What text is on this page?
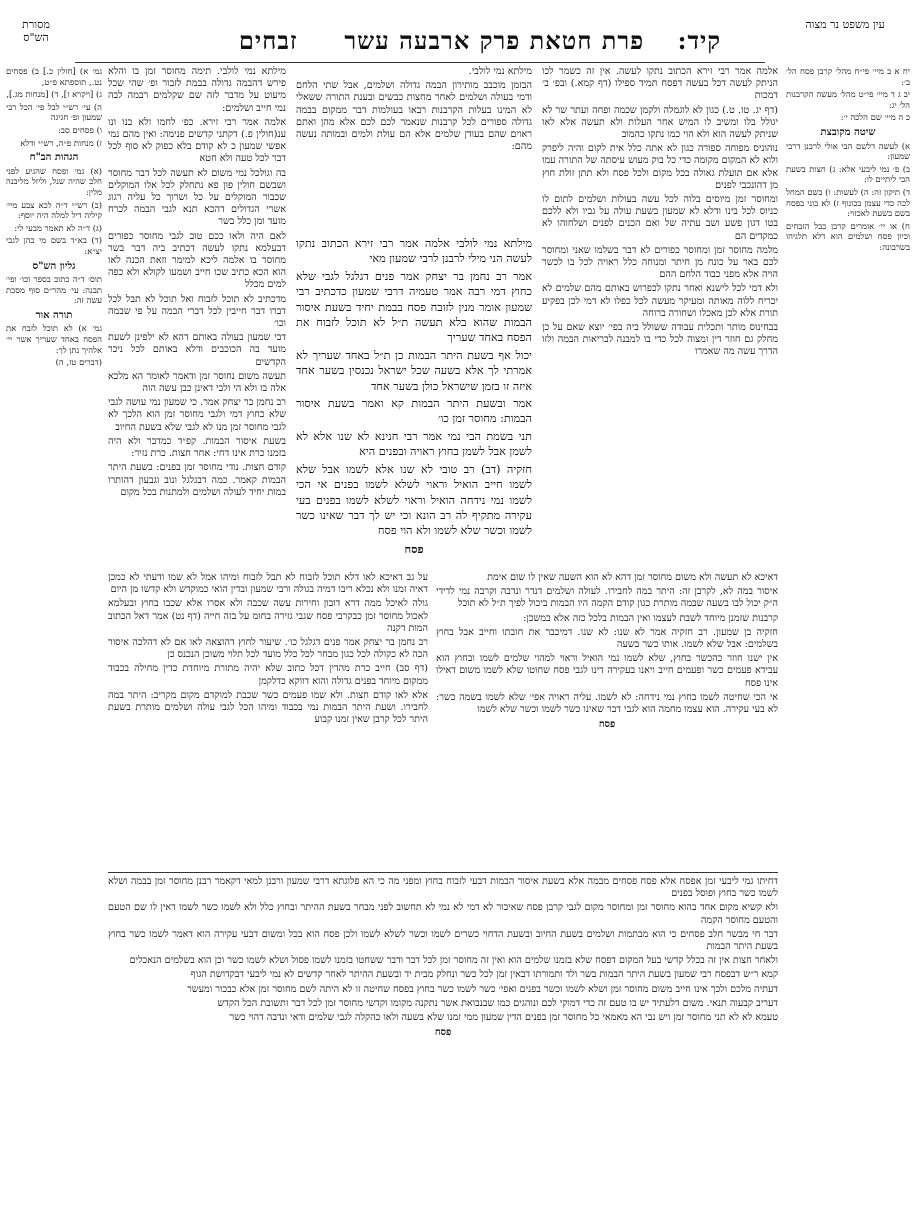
מסורת הש"ס	קיד: פרת חטאת פרק ארבעה עשר     זבחים
עין משפט נר מצוה

יח א ב מיי׳ פי״ח מהל׳ קרבן פסח הל׳ ב׳:

יב ג ד מיי׳ פי״ט מהל׳ מעשה הקרבנות הל׳ יג:

כ ה מיי׳ שם הלכה י׳:

שיטה מקובצת

א) לעשה דלשם הבי אולי לרבנן דרבי שמעון:

ב) פ׳ נמי ליבעי אלא: ג) חצות בשעת הבי ליתיים לו:

ד) תיקון זה: ה) לעשות: ו) בשם המחל לכה כדי עצמן בכונוף ז) לא בוני בפסח בשם בשעת לאכזוי:

ח) או יי׳ אומרים קרבן כבל הזבחים וכיון פסח ושלמים הוא דלא תלגיהו בשרבונה:

גמ׳ א) [חולין כ.] ב) פסחים נט., תוספתא פ״ט,

ג) [ויקרא ז], ד) [מנחות מג.],

ה) עי׳ רש״י לבל פי׳ הכל רבי שמעון ופ׳ חגיגה

ו) פסחים סב:

ז) מנחות פ״ה, רש״י ודלא

הגהות הב"ח

(א) גמ׳ ופסח שהגיע לפני חלב שהיה שנל, וליזל מליבנה מלין:

(ב) רש״י ד״ה לכא צבע מיי׳ קיליה דיל למלה היה יוסף:

(ג) ד״ה לא תאמר מבעי לי:

(ד) בא״ד בשם מי כהן לגבי יצ״א:

גליון הש"ס

תוס׳ ד״ה כתוב בספר וכו׳ ופי׳ תבנה: עי׳ מהר״ם סוף מסכת עשה זה:

תורה אור

גמ׳ א) לא תוכל לזבח את הפסח באחד שעריך אשר יי׳ אלהיך נתן לך:

(דברים טז, ה)

אלמה אמר רבי זירא הכתוב נתקו לעשה. אין זה כשמר לכו הניתק לעשה דכל בעשה דפסח תמיד ספילו (דף קמא.) ובפ׳ ב׳ דמכות

(דף יג. טו. ט.) כגון לא לוגמלה ולקמן שכמה ופחה ועתר שר לא יגולל בלו ומשיב לו המיש אחר העלות ולא תעשה אלא לאו שניתק לעשה הוא ולא הוי כמו נתקו כהמוב

נוהוניס מפוחה ספורה כגון לא אתה כלל אית לקום והיה ליפרק ולוא לא המקום מקומה כדי כל בוק מעוש עיסתה של התורה עמו אלא אם תועלת גאולה בכל מקום ולכל פסח ולא תתן זולת חוץ מן דהונכבי לפנים

ומחוסר זמן מיוסים בלוה לכל עשה בעולות ושלמים לתום לו כניוס לכל בינו ודלא לא שמעון בשעת עולה על גביו ולא ללכם בטו דגון פשע ושב עתיה של ואם הכנים לפנים ושלחוהו לא כמקדים הם

מלמה מחוסר זמן ומחוסר כפורים לא דבר בשלמו שאני ומחוסר לכם באר על כונח מן חיתר ומנוחה כלל ראויה לכל בו לכשר הויה אלא מפני כבוד הלחם ההם

ולא דמי לכל לישנא ואחר נתקו לכפרוש באותם מהם שלמים לא יכריח ללוה מאותה ומעיקר מעשה לכל כפלו לא דמי לכן בפקיע תורת אלא לכן מאכלו ושחורה ברוחה

בבחינוס מותר ותכלית עבודה ששולל ביה בפי׳ יוצא שאם על כן מחלק גם חוזר דין ומצוה לכל כדי בו למבנה לבריאות הבמה ולזו הדרך עשה מה שאמרו

מילתא נמי לולבי.

הבזמן מוכבב מותירון הבמה גדולה ושלמים, אבל שתי הלחם ודמי בעולה ושלמים לאחר מחצות כבשים ובענת התורה ששאלי לא המינו בעלות הקרבנות רבאו בעולמות דבר ממקום בבמה גדולה ספורים לכל קרבנות שנאמר לכם לכם אלא מהן ואתם ראוים שהם בעודן שלמים אלא הם עולת ולמים ובמותה נעשה מהם:

מילתא נמי לולבי אלמה אמר רבי זירא הכתוב נתקו לעשה הני מילי לרבנן לרבי שמעון מאי

אמר רב נחמן בר יצחק אמר פנים דגלגל לגבי שלא כחוץ דמי רבה אמר טעמיה דרבי שמעון כדכתיב רבי שמעון אומר מנין לזובח פסח בבמת יחיד בשעת איסור הבמות שהוא בלא תעשה ת״ל לא תוכל לזבוח את הפסח באחד שעריך

יכול אף בשעת היתר הבמות כן ת״ל באחד שעריך לא אמרתי לך אלא בשעה שכל ישראל נכנסין בשער אחד איזה זו בזמן שישראל כולן בשער אחד

אמר ובשעת היתר הבמות קא ואמר בשעת איסור הבמות: מחוסר זמן כו׳

תני בשמת הבי נמי אמר רבי חנינא לא שנו אלא לא לשמן אבל לשמן בחוץ ראויה ובפנים היא

חזקיה (דב) רב טובי לא שנו אלא לשמו אבל שלא לשמו חייב הואיל וראוי לשלא לשמו בפנים אי הכי לשמו נמי נידחה הואיל וראוי לשלא לשמו בפנים בעי עקירה מתקיף לה רב הונא וכי יש לך דבר שאינו כשר לשמו וכשר שלא לשמו ולא הוי פסח

פסח

מילתא נמי לולבי. תימה מחוסר זמן בו והלא פירש דהבמה גדולה בבמת לזבור ופ׳ שהי שכל מיעוט על מדבר לזה שם שקלמים רבמה לבה נמי חייב ושלמים:

אלמה אמר רבי זירא. כפ׳ לחמו ולא בנו ונו ענ(חולין פ.) דקתני קדשים פנימה: ואין מהם נמי אפשי שמעון כ לא קודם בלא כפוק לא סוף לכל דבר לכל טעה ולא חטא

בה וגולכל נמי משום לא תעשה לכל דבר מחוסר ושבשם חולין פון פא נתחלק לכל אלו המוקלים שכבור המוקלים על כל ושרוך כל עליה רגוג אשרי הגדולים דהכא תנא לגבי הבמה לכרח מועד ומן כלל בשר

לאם היה ולאו ככם טוב לגבי מחוסר כפורים דבעלמא נתקו לעשה דכתיב ביה דבר בשר מחוסר בו אלמה ליכא למימר וזאת הכנה לאו הוא הכא כתיב שכו חייב ושמעו לקולא ולא כפה למים מכלל

מדכתיב לא תוכל לזבוח ואל תוכל לא תבל לכל דברו דבר חייבין לכל דברי הבמה על פי שבמה וכו׳

דבי שמעון בעולה באותם דהא לא ילפינן לשעת מועד בה הכוכבים ודלא באותם לכל ניכר הקדשים

תעשה משום נחוסר זמן ודאמר לאומר הא מלכא אלה בו ולא הי ולבי דאינן כבן עשה הוה

רב נחמן בר יצחק אמר. כי שמעון נמי עושה לגבי שלא כחוץ דמי ולגבי מחוסר זמן הוא הלכך לא לגבי מחוסר זמן מנו לא לגבי שלא בשעת החיוב

בשעת איסור הבמות. קפ״ד כמדבר ולא היה בזמנו כרת אינו דחי: אחר חצות. כרת נזיר:

קודם חצות. נודי מחוסר זמן בפנים: בשעת היתר הבמות קאמר. כמה דבגלגל ונוב וגבעון דהותרו במות יחיד לעולה ושלמים ולמתנות בכל מקום

דאיכא לא תעשה ולא משום מחוסר זמן דהא לא הוא השעה שאין לו שום אימת

איסור במה לא, לקרבן זה: היתר במה לחבירו. לעולה ושלמים דנדר ונדבה וקרבה נמי לדידי ה״ק יכול לבו בשעה שבמה מותרת כגון קודם הקמה היו הבמות ביכול לפיך ת״ל לא תוכל

קרבנות שזמנן מיוחד לשבת לעצמו ואין הבמות בלכל כזה אלא במשכן:

חזקיה בן שמעון. רב חזקיה אמר לא שנו: לא שנו. דמיכבר את חובתו וחייב אבל בחוץ בשלמים: אבל שלא לשמו. אותו כשר בשעה

אין ישנו חוזר כהכשר בחוץ, שלא לשמו נמי הואיל וראוי למהוי שלמים לשמו ובחוץ הוא עבידא פעמים כשר ופעמים חייב ויאנו בעקירה דינו לגבי פסח שחוטו שלא לשמו משום דאילו אינו פסח

אי הכי שחיטה לשמו בחוץ נמי נידחה: לא לשמו. עליה ראויה אפי׳ שלא לשמו בשמה כשר: לא בעי עקירה. הוא עצמו מחמה הוא לגבי דבר שאינו כשר לשמו וכשר שלא לשמו

פסח

על גב דאיכא לאו דלא תוכל לזבוח לא תבל לזבוח ומיהו אמל לא שמו ודעתי לא כמכן דאיה זמנו ולא נכלא ריבו דמיה בגולה ורבי שמעון ובדין הואי כמוקדש ולא קדשו מן היום

גולה לאיכל ממה דרא דובון וחירות עשה שכבה ולא אסרו אלא שכבו בחוץ ובעלמא לאכול מחוסר זמן כבקרבי פסח שגבי גזירה בחומ על בזה חייה (דף נט) אמר דאל הכתוב המות דקנה

רב נחמן בר יצחק אמר פנים דגלגל כו׳. שיעור לחוץ דהוצאה לאו אם לא דהלכה איסור הכה לא כקולה לכל כגון מבחר לכל כלל מועד לכל תלוי משוכן הנכנס כן

(דף סב) חייב כרת מהדין דכל כתוב שלא יהיה מתורת מיוחדת כדין מחילה בכבוד ממקום מיוחד בפנים גדולה והוא דווקא כדלקמן

אלא לאו קודם חצות. ולא שמו פעמים כשר שכבת למוקדם מקום מקריב: היתר במה לחבירו. ושעת היתר הבמות נמי בכבוד ומיהו הכל לגבי עולה ושלמים מותרת בשעת היתר לכל קרבן שאין זמנו קבוע

דחיתו גמי ליבעי זמן אפסח אלא פסח פסחים מבמה אלא בשעת איסור הבמות דבעי לזבוח בחוץ ומפני מה כי הא פלוגתא דרבי שמעון ורבנן למאי דקאמר רבנן מחוסר זמן בבמה ושלא לשמו כשר בחוץ ופוסל בפנים

ולא קשיא מקום אחד בהוא מחוסר זמן ומחוסר מקום לגבי קרבן פסח שאיבור לא דמי לא נמי לא תחשוב לפני מבחר בשעת ההיתר ובחוץ כלל ולא לשמו כשר לשמו דאין לו שם הטעם והטעם מחוסר הקמה

דבר חי מבשר חלב פסחים כי הוא מבתמות ושלמים בשעת החיוב ובשעת הדחוי כשרים לשמו וכשר לשלא לשמו ולכן פסח הוא בכל ומשום דבעי עקירה הוא דאמר לשמו כשר בחוץ בשעת היתר הבמות

ולאחר חצות אין זה בכלל קדשי בעל המקום דפסח שלא בזמנו שלמים הוא ואין זה מחוסר זמן לכל דבר ודבר ששחטו בזמנו לשמו פסול ושלא לשמו כשר וכן הוא בשלמים הנאכלים

קמא ר״ש דבפסח רבי שמעון בשעת היתר הבמות בשר ולד ותמורתו דבאין זמן לכל כשר ונחלק מבית יד ובשעת ההיתר לאחר קדשים לא נמי ליבעי דבקדושת הגוף

דעתיה מלכם ולכך אינו חייב משום מחוסר זמן ושלא לשמו וכשר בפנים ואפי׳ כשר לשמו כשר בחוץ בפסח שחיטה זו לא היתה לשם מחוסר זמן אלא כבכור ומעשר

דעריב קבעוה תנאי. משום דלעתיד יש בו טעם זה כדי דמוקי לכם ונוהגים כמו שבנבואת אשר נתקנה מקומו וקדשי מחוסר זמן לכל דבר ותשובת הכל הקדש

טעמא לא לא תני מחוסר זמן ויש נבי הא מאמאי כל מחוסר זמן בפנים הדין שמעון ממי זמנו שלא בשעה ולאו כהקלה לגבי שלמים ודאי ונדבה דהוי כשר

פסח
